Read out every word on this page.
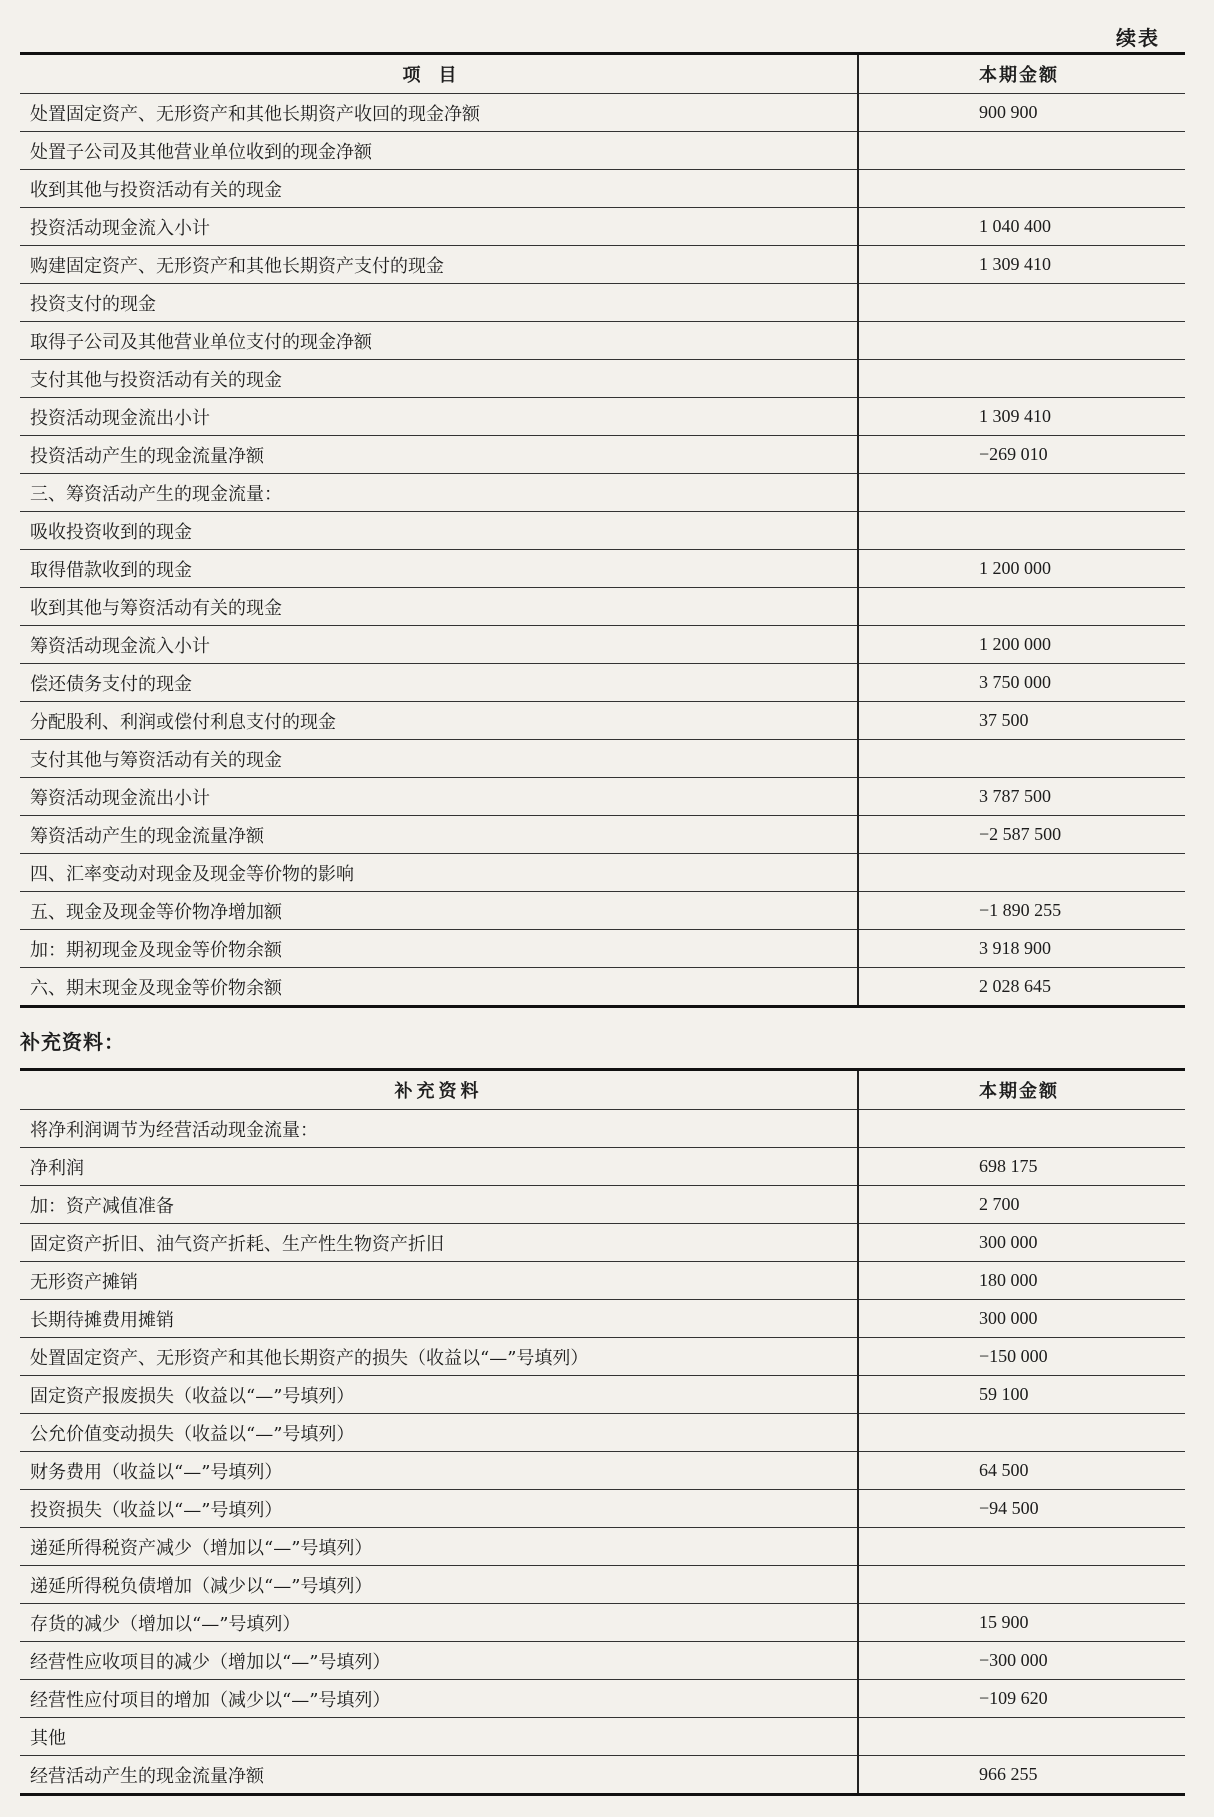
续表
项目	本期金额
处置固定资产、无形资产和其他长期资产收回的现金净额	900 900
处置子公司及其他营业单位收到的现金净额	
收到其他与投资活动有关的现金	
投资活动现金流入小计	1 040 400
购建固定资产、无形资产和其他长期资产支付的现金	1 309 410
投资支付的现金	
取得子公司及其他营业单位支付的现金净额	
支付其他与投资活动有关的现金	
投资活动现金流出小计	1 309 410
投资活动产生的现金流量净额	−269 010
三、筹资活动产生的现金流量：	
吸收投资收到的现金	
取得借款收到的现金	1 200 000
收到其他与筹资活动有关的现金	
筹资活动现金流入小计	1 200 000
偿还债务支付的现金	3 750 000
分配股利、利润或偿付利息支付的现金	37 500
支付其他与筹资活动有关的现金	
筹资活动现金流出小计	3 787 500
筹资活动产生的现金流量净额	−2 587 500
四、汇率变动对现金及现金等价物的影响	
五、现金及现金等价物净增加额	−1 890 255
加：期初现金及现金等价物余额	3 918 900
六、期末现金及现金等价物余额	2 028 645
补充资料：
补充资料	本期金额
将净利润调节为经营活动现金流量：	
净利润	698 175
加：资产减值准备	2 700
固定资产折旧、油气资产折耗、生产性生物资产折旧	300 000
无形资产摊销	180 000
长期待摊费用摊销	300 000
处置固定资产、无形资产和其他长期资产的损失（收益以“—”号填列）	−150 000
固定资产报废损失（收益以“—”号填列）	59 100
公允价值变动损失（收益以“—”号填列）	
财务费用（收益以“—”号填列）	64 500
投资损失（收益以“—”号填列）	−94 500
递延所得税资产减少（增加以“—”号填列）	
递延所得税负债增加（减少以“—”号填列）	
存货的减少（增加以“—”号填列）	15 900
经营性应收项目的减少（增加以“—”号填列）	−300 000
经营性应付项目的增加（减少以“—”号填列）	−109 620
其他	
经营活动产生的现金流量净额	966 255
